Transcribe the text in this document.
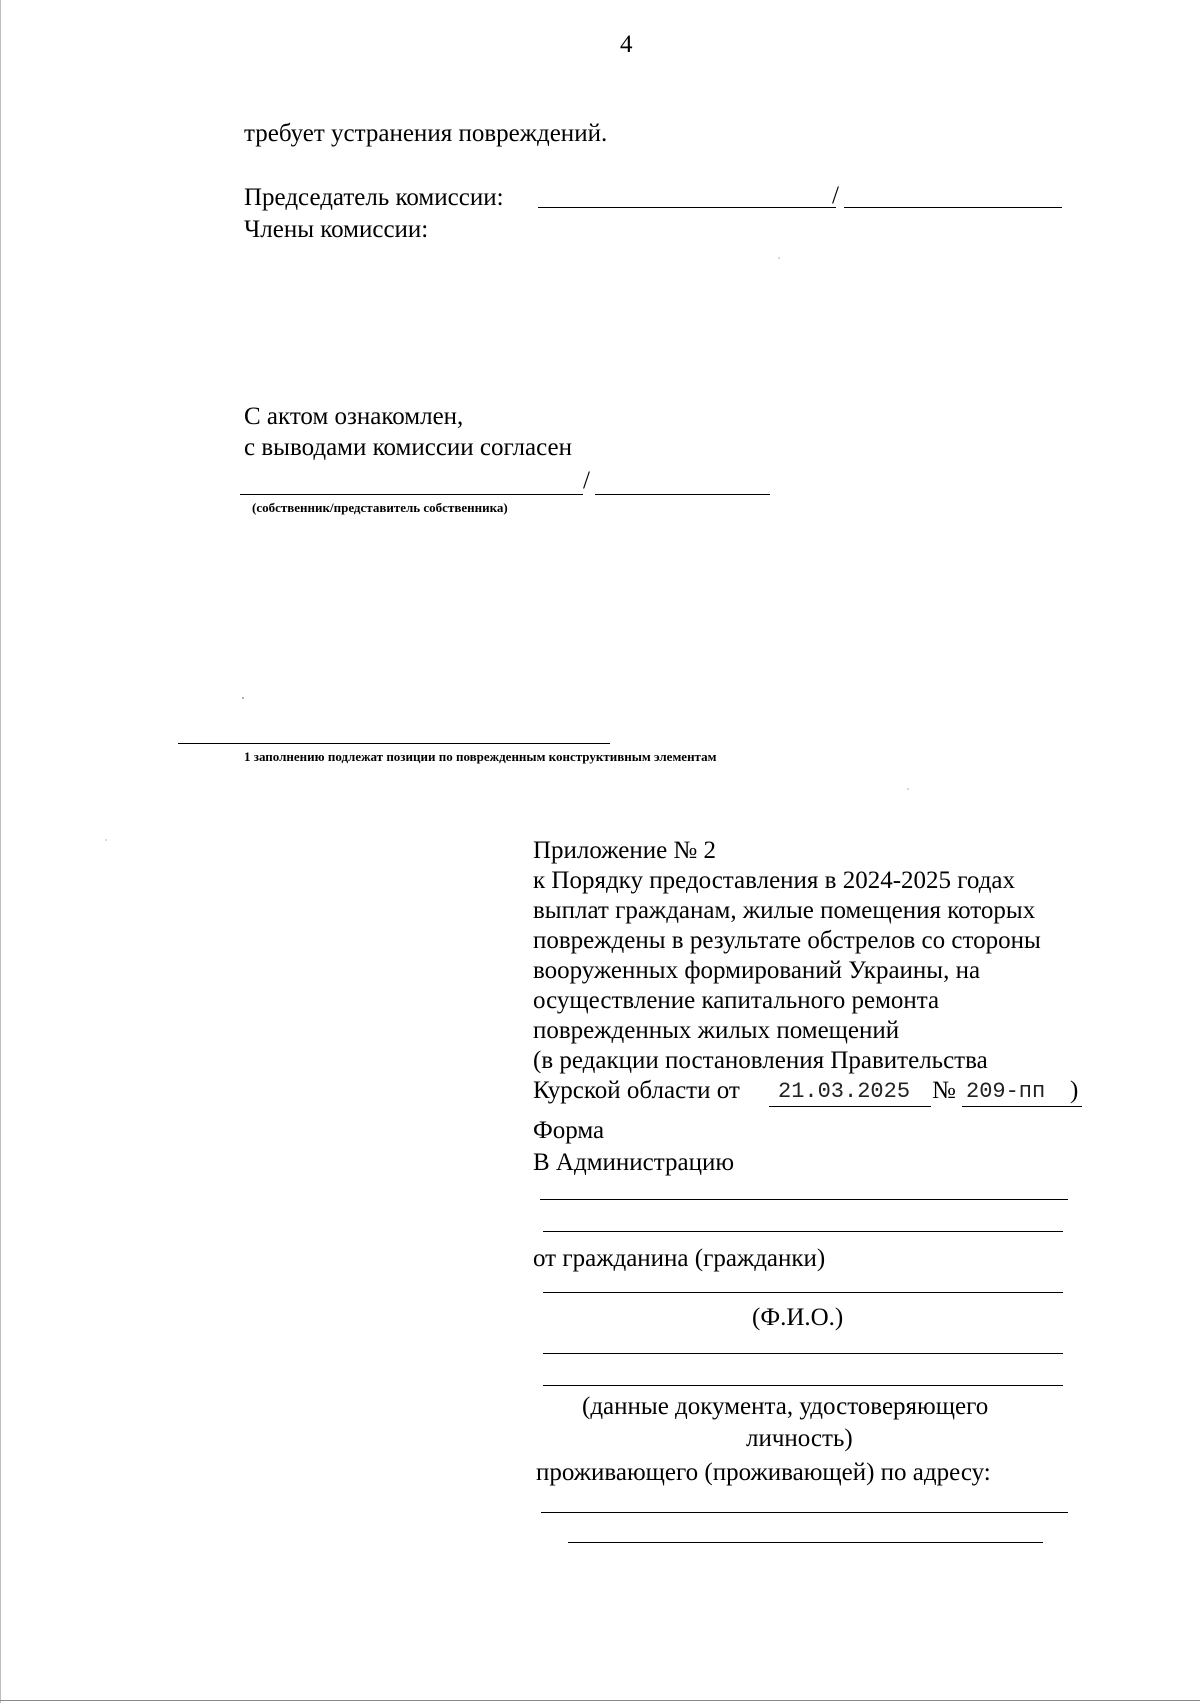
4
требует устранения повреждений.
Председатель комиссии:	/
Члены комиссии:
С актом ознакомлен,
с выводами комиссии согласен
/
(собственник/представитель собственника)
1 заполнению подлежат позиции по поврежденным конструктивным элементам
Приложение № 2
к Порядку предоставления в 2024-2025 годах
выплат гражданам, жилые помещения которых
повреждены в результате обстрелов со стороны
вооруженных формирований Украины, на
осуществление капитального ремонта
поврежденных жилых помещений
(в редакции постановления Правительства
Курской области от 21.03.2025 № 209-пп )
Форма
В Администрацию
от гражданина (гражданки)
(Ф.И.О.)
(данные документа, удостоверяющего
личность)
проживающего (проживающей) по адресу:
